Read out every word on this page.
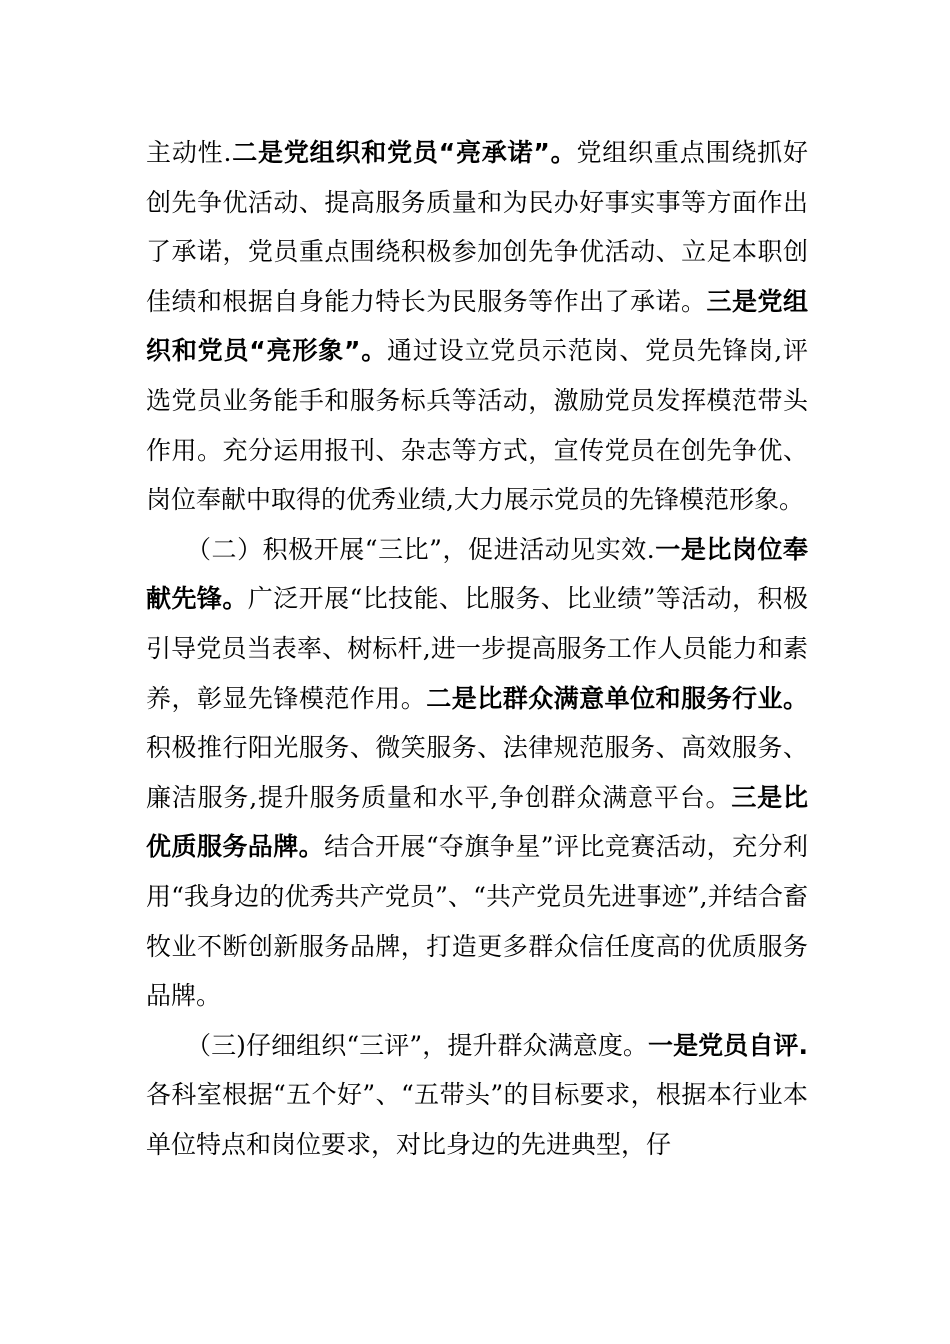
主动性.二是党组织和党员“亮承诺”。党组织重点围绕抓好创先争优活动、提高服务质量和为民办好事实事等方面作出了承诺，党员重点围绕积极参加创先争优活动、立足本职创佳绩和根据自身能力特长为民服务等作出了承诺。三是党组织和党员“亮形象”。通过设立党员示范岗、党员先锋岗,评选党员业务能手和服务标兵等活动，激励党员发挥模范带头作用。充分运用报刊、杂志等方式，宣传党员在创先争优、岗位奉献中取得的优秀业绩,大力展示党员的先锋模范形象。

（二）积极开展“三比”，促进活动见实效.一是比岗位奉献先锋。广泛开展“比技能、比服务、比业绩”等活动，积极引导党员当表率、树标杆,进一步提高服务工作人员能力和素养，彰显先锋模范作用。二是比群众满意单位和服务行业。积极推行阳光服务、微笑服务、法律规范服务、高效服务、廉洁服务,提升服务质量和水平,争创群众满意平台。三是比优质服务品牌。结合开展“夺旗争星”评比竞赛活动，充分利用“我身边的优秀共产党员”、“共产党员先进事迹”,并结合畜牧业不断创新服务品牌，打造更多群众信任度高的优质服务品牌。

（三)仔细组织“三评”，提升群众满意度。一是党员自评.各科室根据“五个好”、“五带头”的目标要求，根据本行业本单位特点和岗位要求，对比身边的先进典型，仔
